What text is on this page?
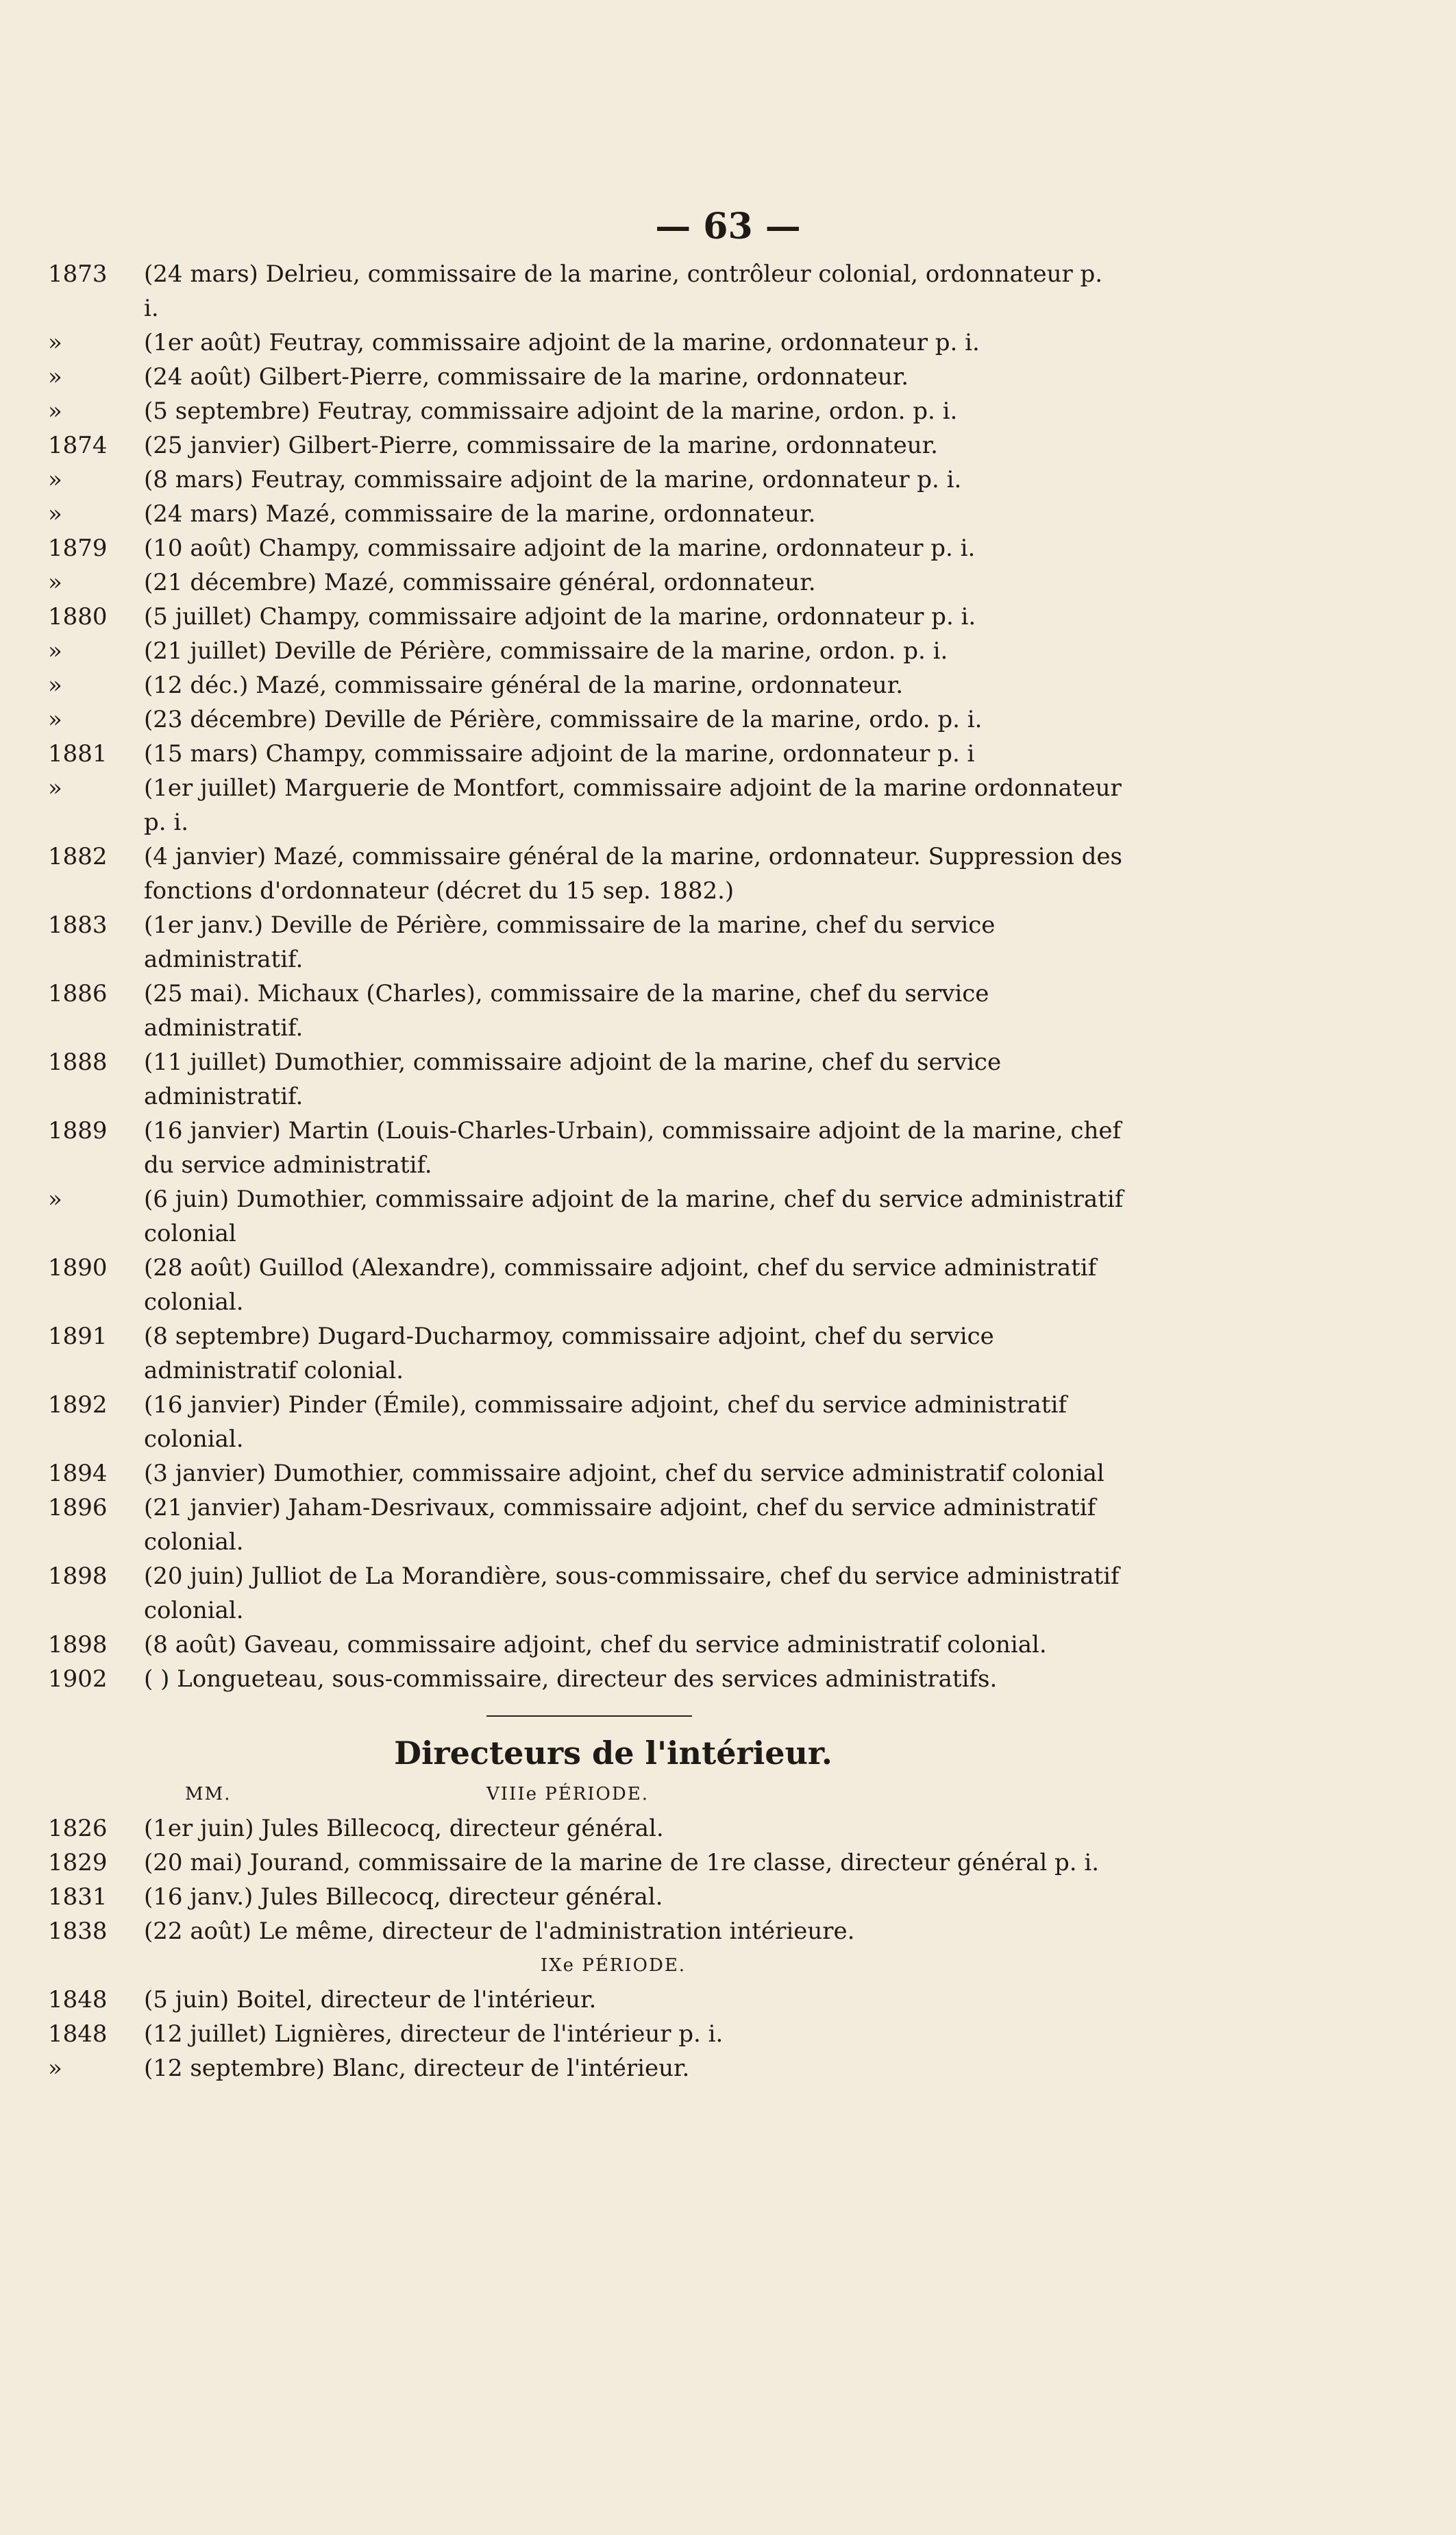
— 63 —
1873	(24 mars) Delrieu, commissaire de la marine, contrôleur colonial, ordonnateur p. i.
»	(1er août) Feutray, commissaire adjoint de la marine, ordonnateur p. i.
»	(24 août) Gilbert-Pierre, commissaire de la marine, ordonnateur.
»	(5 septembre) Feutray, commissaire adjoint de la marine, ordon. p. i.
1874	(25 janvier) Gilbert-Pierre, commissaire de la marine, ordonnateur.
»	(8 mars) Feutray, commissaire adjoint de la marine, ordonnateur p. i.
»	(24 mars) Mazé, commissaire de la marine, ordonnateur.
1879	(10 août) Champy, commissaire adjoint de la marine, ordonnateur p. i.
»	(21 décembre) Mazé, commissaire général, ordonnateur.
1880	(5 juillet) Champy, commissaire adjoint de la marine, ordonnateur p. i.
»	(21 juillet) Deville de Périère, commissaire de la marine, ordon. p. i.
»	(12 déc.) Mazé, commissaire général de la marine, ordonnateur.
»	(23 décembre) Deville de Périère, commissaire de la marine, ordo. p. i.
1881	(15 mars) Champy, commissaire adjoint de la marine, ordonnateur p. i
»	(1er juillet) Marguerie de Montfort, commissaire adjoint de la marine ordonnateur p. i.
1882	(4 janvier) Mazé, commissaire général de la marine, ordonnateur. Suppression des fonctions d'ordonnateur (décret du 15 sep. 1882.)
1883	(1er janv.) Deville de Périère, commissaire de la marine, chef du service administratif.
1886	(25 mai). Michaux (Charles), commissaire de la marine, chef du service administratif.
1888	(11 juillet) Dumothier, commissaire adjoint de la marine, chef du service administratif.
1889	(16 janvier) Martin (Louis-Charles-Urbain), commissaire adjoint de la marine, chef du service administratif.
»	(6 juin) Dumothier, commissaire adjoint de la marine, chef du service administratif colonial
1890	(28 août) Guillod (Alexandre), commissaire adjoint, chef du service administratif colonial.
1891	(8 septembre) Dugard-Ducharmoy, commissaire adjoint, chef du service administratif colonial.
1892	(16 janvier) Pinder (Émile), commissaire adjoint, chef du service administratif colonial.
1894	(3 janvier) Dumothier, commissaire adjoint, chef du service administratif colonial
1896	(21 janvier) Jaham-Desrivaux, commissaire adjoint, chef du service administratif colonial.
1898	(20 juin) Julliot de La Morandière, sous-commissaire, chef du service administratif colonial.
1898	(8 août) Gaveau, commissaire adjoint, chef du service administratif colonial.
1902	( ) Longueteau, sous-commissaire, directeur des services administratifs.
Directeurs de l'intérieur.
MM.	VIIIe PÉRIODE.
1826	(1er juin) Jules Billecocq, directeur général.
1829	(20 mai) Jourand, commissaire de la marine de 1re classe, directeur général p. i.
1831	(16 janv.) Jules Billecocq, directeur général.
1838	(22 août) Le même, directeur de l'administration intérieure.
IXe PÉRIODE.
1848	(5 juin) Boitel, directeur de l'intérieur.
1848	(12 juillet) Lignières, directeur de l'intérieur p. i.
»	(12 septembre) Blanc, directeur de l'intérieur.
